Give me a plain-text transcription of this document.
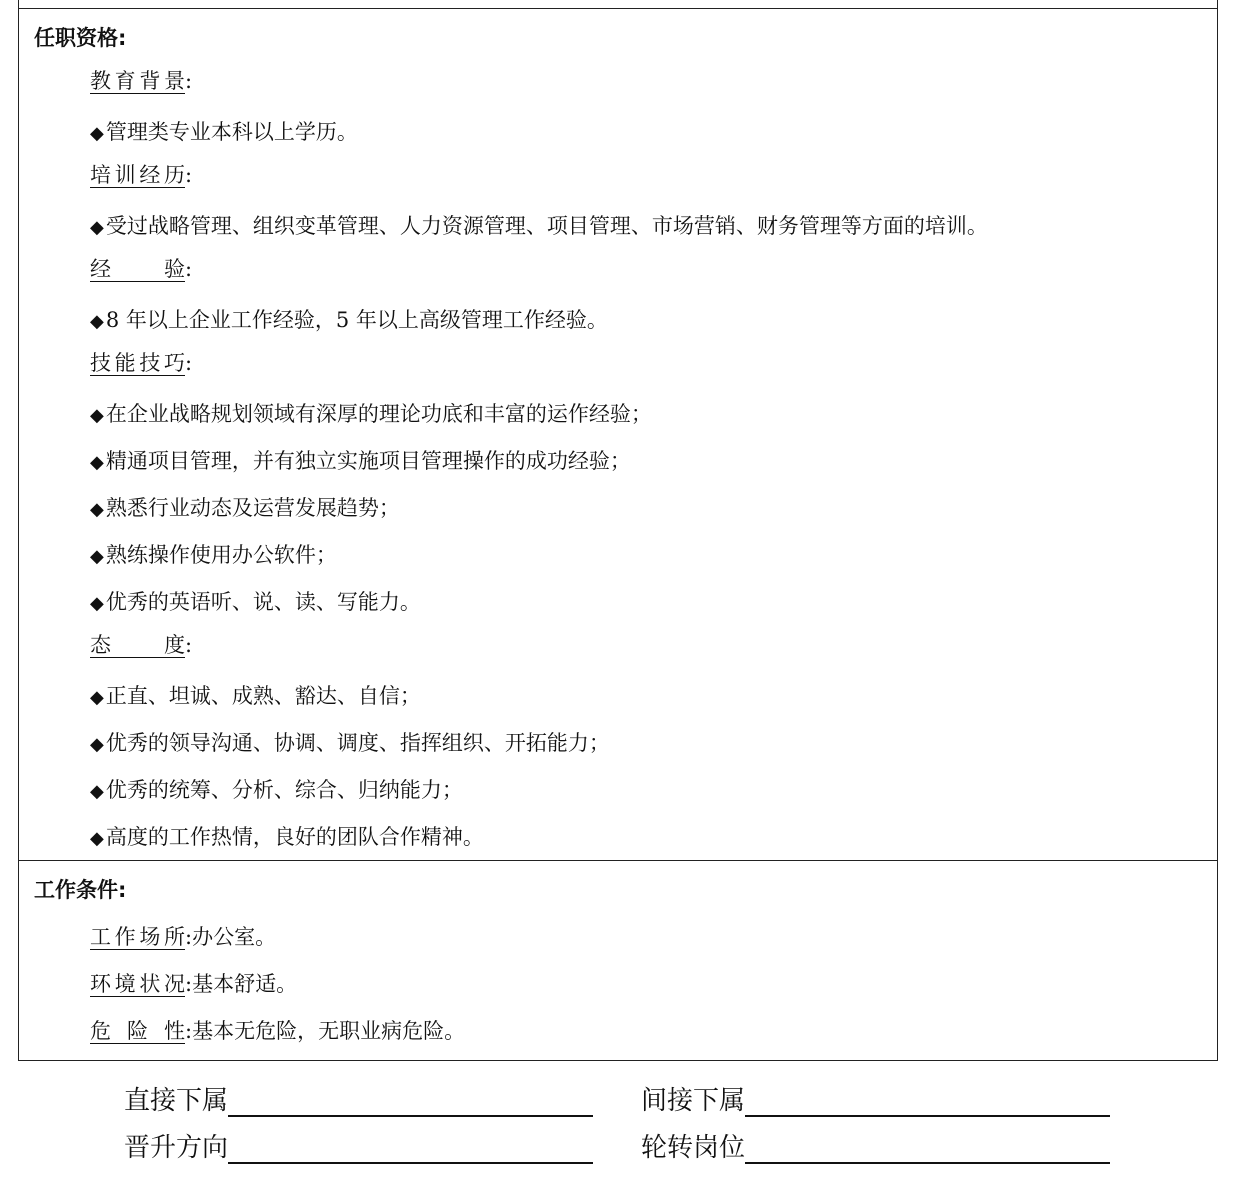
任职资格:
教育背景:
◆管理类专业本科以上学历。
培训经历:
◆受过战略管理、组织变革管理、人力资源管理、项目管理、市场营销、财务管理等方面的培训。
经验:
◆8 年以上企业工作经验，5 年以上高级管理工作经验。
技能技巧:
◆在企业战略规划领域有深厚的理论功底和丰富的运作经验；
◆精通项目管理，并有独立实施项目管理操作的成功经验；
◆熟悉行业动态及运营发展趋势；
◆熟练操作使用办公软件；
◆优秀的英语听、说、读、写能力。
态度:
◆正直、坦诚、成熟、豁达、自信；
◆优秀的领导沟通、协调、调度、指挥组织、开拓能力；
◆优秀的统筹、分析、综合、归纳能力；
◆高度的工作热情，良好的团队合作精神。
工作条件:
工作场所:办公室。
环境状况:基本舒适。
危险性:基本无危险，无职业病危险。
直接下属	间接下属
晋升方向	轮转岗位
